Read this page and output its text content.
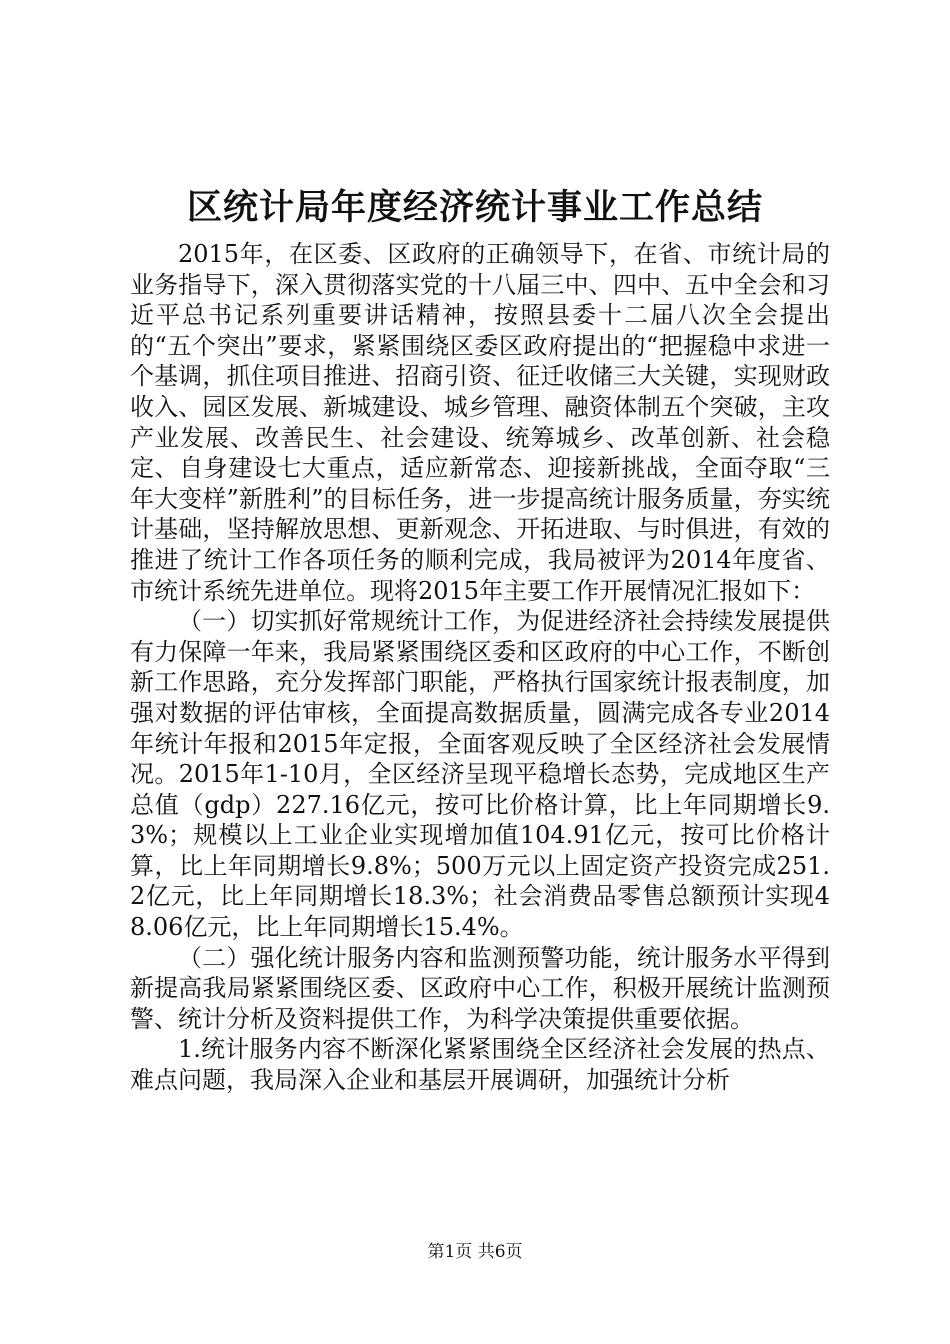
区统计局年度经济统计事业工作总结

2015年，在区委、区政府的正确领导下，在省、市统计局的业务指导下，深入贯彻落实党的十八届三中、四中、五中全会和习近平总书记系列重要讲话精神，按照县委十二届八次全会提出的“五个突出”要求，紧紧围绕区委区政府提出的“把握稳中求进一个基调，抓住项目推进、招商引资、征迁收储三大关键，实现财政收入、园区发展、新城建设、城乡管理、融资体制五个突破，主攻产业发展、改善民生、社会建设、统筹城乡、改革创新、社会稳定、自身建设七大重点，适应新常态、迎接新挑战，全面夺取“三年大变样”新胜利”的目标任务，进一步提高统计服务质量，夯实统计基础，坚持解放思想、更新观念、开拓进取、与时俱进，有效的推进了统计工作各项任务的顺利完成，我局被评为2014年度省、市统计系统先进单位。现将2015年主要工作开展情况汇报如下：

（一）切实抓好常规统计工作，为促进经济社会持续发展提供有力保障一年来，我局紧紧围绕区委和区政府的中心工作，不断创新工作思路，充分发挥部门职能，严格执行国家统计报表制度，加强对数据的评估审核，全面提高数据质量，圆满完成各专业2014年统计年报和2015年定报，全面客观反映了全区经济社会发展情况。2015年1-10月，全区经济呈现平稳增长态势，完成地区生产总值（gdp）227.16亿元，按可比价格计算，比上年同期增长9.3%；规模以上工业企业实现增加值104.91亿元，按可比价格计算，比上年同期增长9.8%；500万元以上固定资产投资完成251.2亿元，比上年同期增长18.3%；社会消费品零售总额预计实现48.06亿元，比上年同期增长15.4%。

（二）强化统计服务内容和监测预警功能，统计服务水平得到新提高我局紧紧围绕区委、区政府中心工作，积极开展统计监测预警、统计分析及资料提供工作，为科学决策提供重要依据。

1.统计服务内容不断深化紧紧围绕全区经济社会发展的热点、难点问题，我局深入企业和基层开展调研，加强统计分析

第1页 共6页
